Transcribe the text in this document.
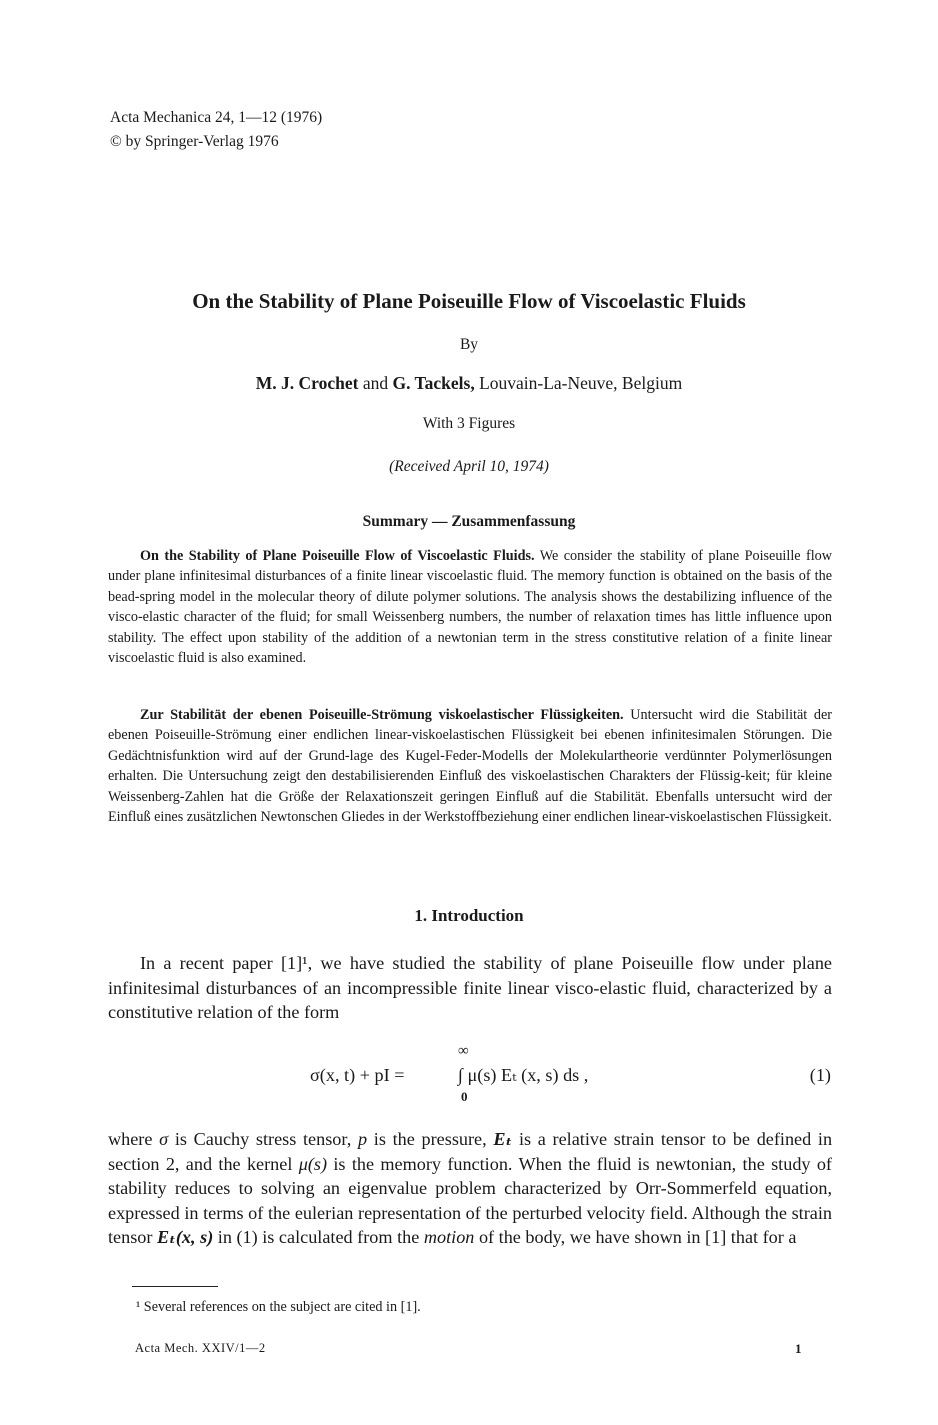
Acta Mechanica 24, 1—12 (1976)
© by Springer-Verlag 1976
On the Stability of Plane Poiseuille Flow of Viscoelastic Fluids
By
M. J. Crochet and G. Tackels, Louvain-La-Neuve, Belgium
With 3 Figures
(Received April 10, 1974)
Summary — Zusammenfassung
On the Stability of Plane Poiseuille Flow of Viscoelastic Fluids. We consider the stability of plane Poiseuille flow under plane infinitesimal disturbances of a finite linear viscoelastic fluid. The memory function is obtained on the basis of the bead-spring model in the molecular theory of dilute polymer solutions. The analysis shows the destabilizing influence of the visco-elastic character of the fluid; for small Weissenberg numbers, the number of relaxation times has little influence upon stability. The effect upon stability of the addition of a newtonian term in the stress constitutive relation of a finite linear viscoelastic fluid is also examined.
Zur Stabilität der ebenen Poiseuille-Strömung viskoelastischer Flüssigkeiten. Untersucht wird die Stabilität der ebenen Poiseuille-Strömung einer endlichen linear-viskoelastischen Flüssigkeit bei ebenen infinitesimalen Störungen. Die Gedächtnisfunktion wird auf der Grund-lage des Kugel-Feder-Modells der Molekulartheorie verdünnter Polymerlösungen erhalten. Die Untersuchung zeigt den destabilisierenden Einfluß des viskoelastischen Charakters der Flüssig-keit; für kleine Weissenberg-Zahlen hat die Größe der Relaxationszeit geringen Einfluß auf die Stabilität. Ebenfalls untersucht wird der Einfluß eines zusätzlichen Newtonschen Gliedes in der Werkstoffbeziehung einer endlichen linear-viskoelastischen Flüssigkeit.
1. Introduction
In a recent paper [1]¹, we have studied the stability of plane Poiseuille flow under plane infinitesimal disturbances of an incompressible finite linear visco-elastic fluid, characterized by a constitutive relation of the form
σ(x, t) + pI =
∞
∫ μ(s) Eₜ (x, s) ds ,
0
(1)
where σ is Cauchy stress tensor, p is the pressure, Eₜ is a relative strain tensor to be defined in section 2, and the kernel μ(s) is the memory function. When the fluid is newtonian, the study of stability reduces to solving an eigenvalue problem characterized by Orr-Sommerfeld equation, expressed in terms of the eulerian representation of the perturbed velocity field. Although the strain tensor Eₜ(x, s) in (1) is calculated from the motion of the body, we have shown in [1] that for a
¹ Several references on the subject are cited in [1].
Acta Mech. XXIV/1—2	1
